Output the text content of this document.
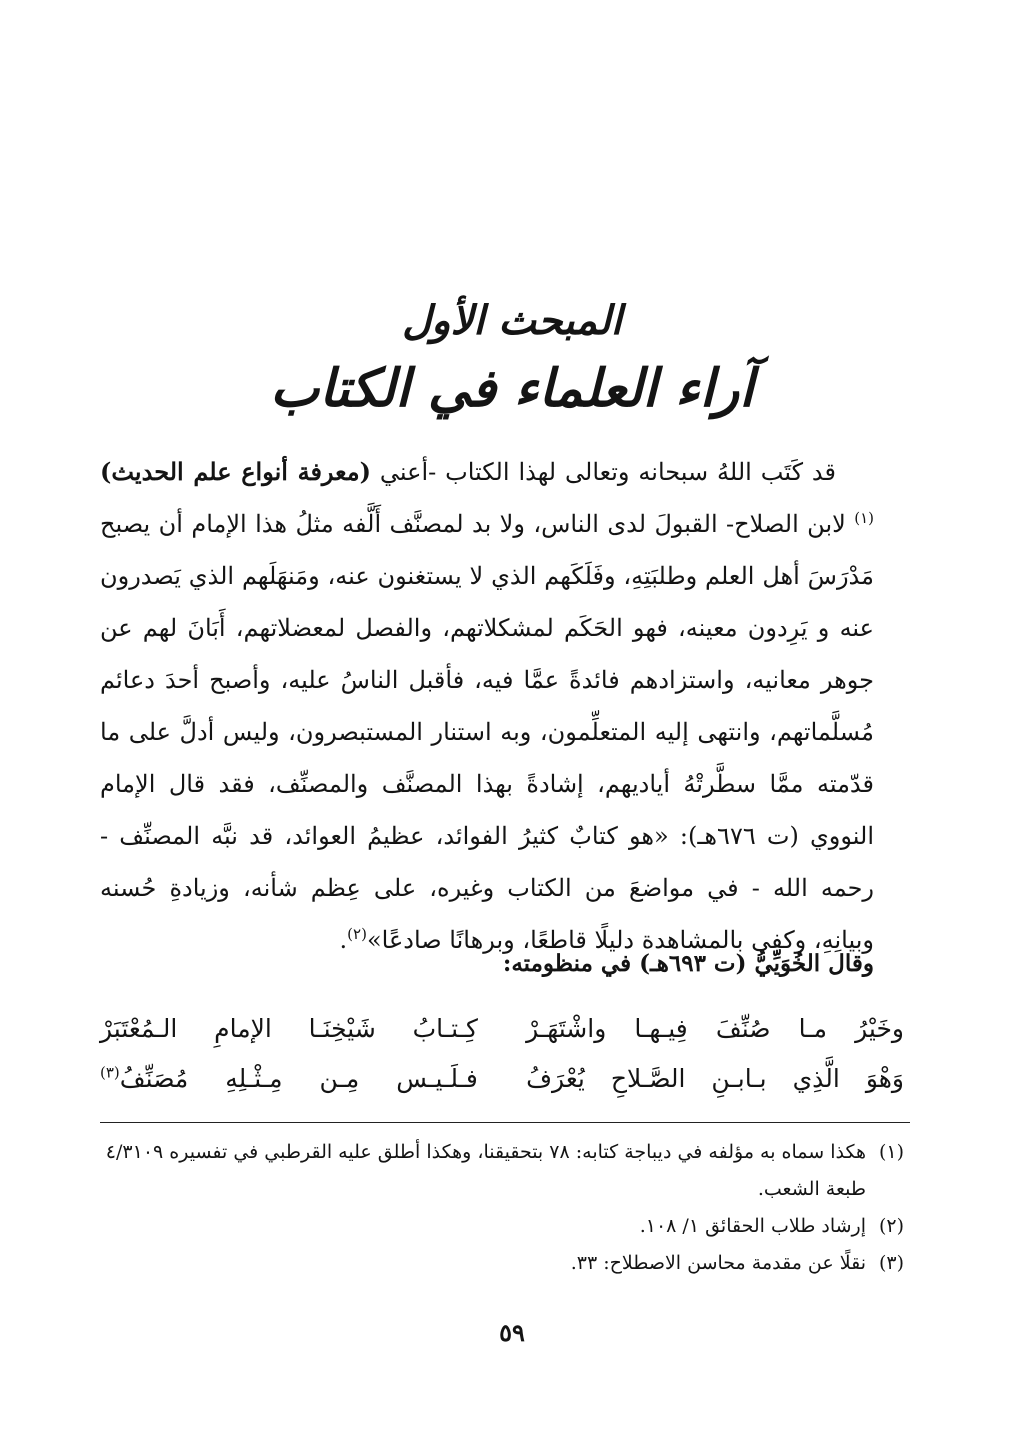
المبحث الأول
آراء العلماء في الكتاب

قد كَتَب اللهُ سبحانه وتعالى لهذا الكتاب -أعني (معرفة أنواع علم الحديث)$^{(١)}$ لابن الصلاح- القبولَ لدى الناس، ولا بد لمصنَّف أَلَّفه مثلُ هذا الإمام أن يصبح مَدْرَسَ أهل العلم وطلبَتِهِ، وفَلَكَهم الذي لا يستغنون عنه، ومَنهَلَهم الذي يَصدرون عنه و يَرِدون معينه، فهو الحَكَم لمشكلاتهم، والفصل لمعضلاتهم، أَبَانَ لهم عن جوهر معانيه، واستزادهم فائدةً عمَّا فيه، فأقبل الناسُ عليه، وأصبح أحدَ دعائم مُسلَّماتهم، وانتهى إليه المتعلِّمون، وبه استنار المستبصرون، وليس أدلَّ على ما قدّمته ممَّا سطَّرتْهُ أياديهم، إشادةً بهذا المصنَّف والمصنِّف، فقد قال الإمام النووي (ت ٦٧٦هـ): «هو كتابٌ كثيرُ الفوائد، عظيمُ العوائد، قد نبَّه المصنِّف - رحمه الله - في مواضعَ من الكتاب وغيره، على عِظم شأنه، وزيادةِ حُسنه وبيانِهِ، وكفى بالمشاهدة دليلًا قاطعًا، وبرهانًا صادعًا»$^{(٢)}$.

وقال الخُوَيِّيُّ (ت ٦٩٣هـ) في منظومته:
وخَيْرُ مـا صُنِّفَ فِيـهـا واشْتَهَـرْ
كِـتـابُ شَيْخِنَـا الإمامِ الـمُعْتَبَرْ
وَهْوَ الَّذِي بـابـنِ الصَّـلاحِ يُعْرَفُ
فـلَـيـس مِـن مِـثْـلِهِ مُصَنِّفُ$^{(٣)}$
(١)
هكذا سماه به مؤلفه في ديباجة كتابه: ٧٨ بتحقيقنا، وهكذا أطلق عليه القرطبي في تفسيره ٤/٣١٠٩ طبعة الشعب.
(٢)
إرشاد طلاب الحقائق ١/ ١٠٨.
(٣)
نقلًا عن مقدمة محاسن الاصطلاح: ٣٣.
٥٩
